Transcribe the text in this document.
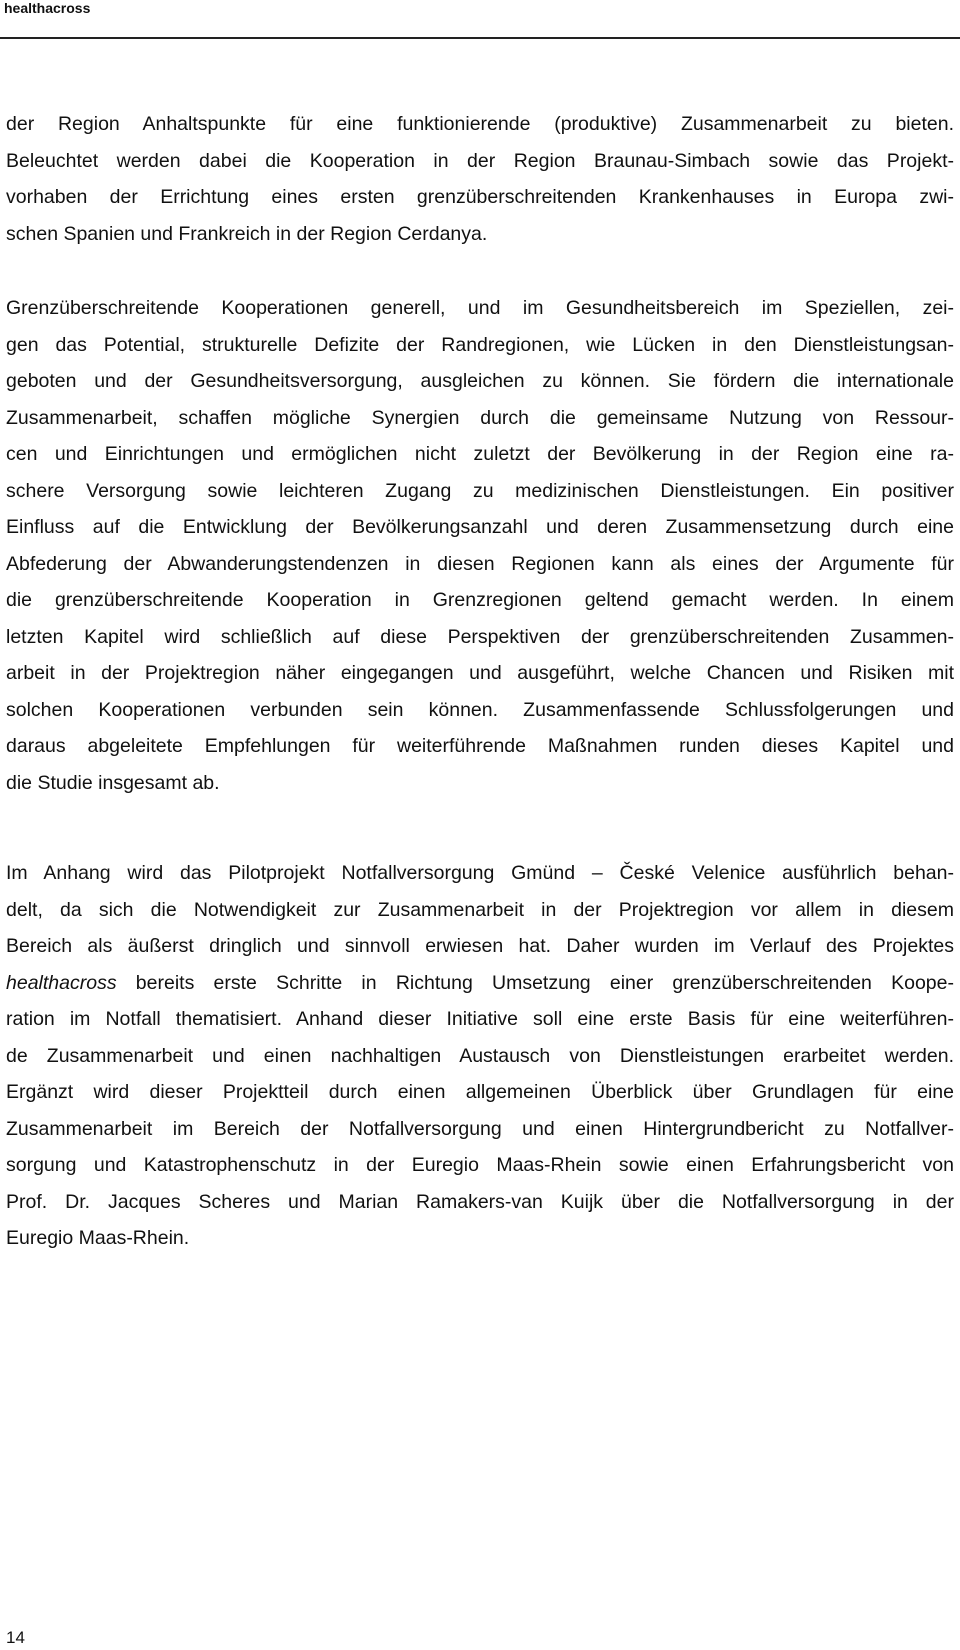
healthacross
der Region Anhaltspunkte für eine funktionierende (produktive) Zusammenarbeit zu bieten.
Beleuchtet werden dabei die Kooperation in der Region Braunau-Simbach sowie das Projekt-
vorhaben der Errichtung eines ersten grenzüberschreitenden Krankenhauses in Europa zwi-
schen Spanien und Frankreich in der Region Cerdanya.
Grenzüberschreitende Kooperationen generell, und im Gesundheitsbereich im Speziellen, zei-
gen das Potential, strukturelle Defizite der Randregionen, wie Lücken in den Dienstleistungsan-
geboten und der Gesundheitsversorgung, ausgleichen zu können. Sie fördern die internationale
Zusammenarbeit, schaffen mögliche Synergien durch die gemeinsame Nutzung von Ressour-
cen und Einrichtungen und ermöglichen nicht zuletzt der Bevölkerung in der Region eine ra-
schere Versorgung sowie leichteren Zugang zu medizinischen Dienstleistungen. Ein positiver
Einfluss auf die Entwicklung der Bevölkerungsanzahl und deren Zusammensetzung durch eine
Abfederung der Abwanderungstendenzen in diesen Regionen kann als eines der Argumente für
die grenzüberschreitende Kooperation in Grenzregionen geltend gemacht werden. In einem
letzten Kapitel wird schließlich auf diese Perspektiven der grenzüberschreitenden Zusammen-
arbeit in der Projektregion näher eingegangen und ausgeführt, welche Chancen und Risiken mit
solchen Kooperationen verbunden sein können. Zusammenfassende Schlussfolgerungen und
daraus abgeleitete Empfehlungen für weiterführende Maßnahmen runden dieses Kapitel und
die Studie insgesamt ab.
Im Anhang wird das Pilotprojekt Notfallversorgung Gmünd – České Velenice ausführlich behan-
delt, da sich die Notwendigkeit zur Zusammenarbeit in der Projektregion vor allem in diesem
Bereich als äußerst dringlich und sinnvoll erwiesen hat. Daher wurden im Verlauf des Projektes
healthacross bereits erste Schritte in Richtung Umsetzung einer grenzüberschreitenden Koope-
ration im Notfall thematisiert. Anhand dieser Initiative soll eine erste Basis für eine weiterführen-
de Zusammenarbeit und einen nachhaltigen Austausch von Dienstleistungen erarbeitet werden.
Ergänzt wird dieser Projektteil durch einen allgemeinen Überblick über Grundlagen für eine
Zusammenarbeit im Bereich der Notfallversorgung und einen Hintergrundbericht zu Notfallver-
sorgung und Katastrophenschutz in der Euregio Maas-Rhein sowie einen Erfahrungsbericht von
Prof. Dr. Jacques Scheres und Marian Ramakers-van Kuijk über die Notfallversorgung in der
Euregio Maas-Rhein.
14
